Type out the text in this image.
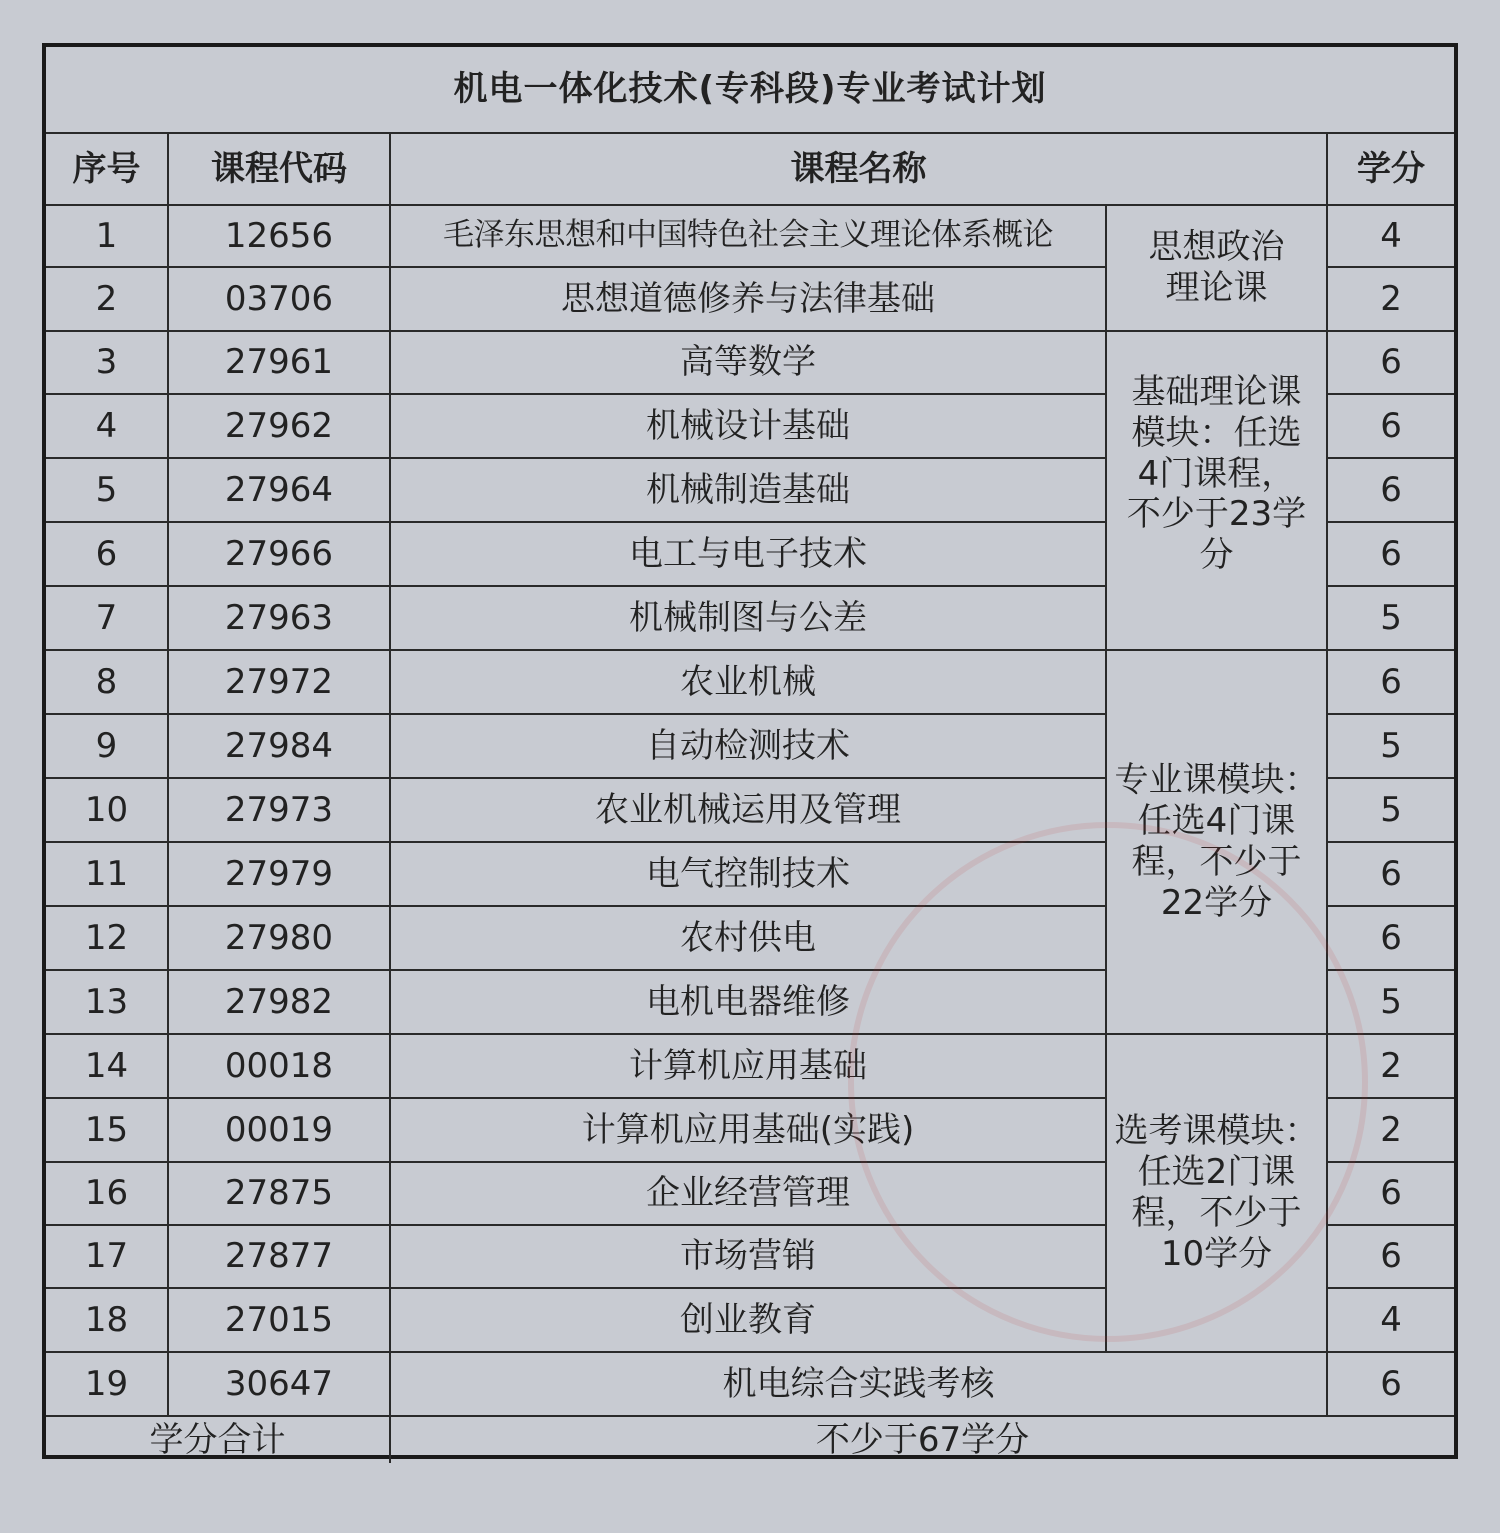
机电一体化技术(专科段)专业考试计划				
序号	课程代码	课程名称		学分
1	12656	毛泽东思想和中国特色社会主义理论体系概论	思想政治
理论课	4
2	03706	思想道德修养与法律基础		2
3	27961	高等数学	基础理论课
模块：任选
4门课程，
不少于23学
分	6
4	27962	机械设计基础		6
5	27964	机械制造基础		6
6	27966	电工与电子技术		6
7	27963	机械制图与公差		5
8	27972	农业机械	专业课模块：
任选4门课
程，不少于
22学分	6
9	27984	自动检测技术		5
10	27973	农业机械运用及管理		5
11	27979	电气控制技术		6
12	27980	农村供电		6
13	27982	电机电器维修		5
14	00018	计算机应用基础	选考课模块：
任选2门课
程，不少于
10学分	2
15	00019	计算机应用基础(实践)		2
16	27875	企业经营管理		6
17	27877	市场营销		6
18	27015	创业教育		4
19	30647	机电综合实践考核		6
学分合计		不少于67学分		
